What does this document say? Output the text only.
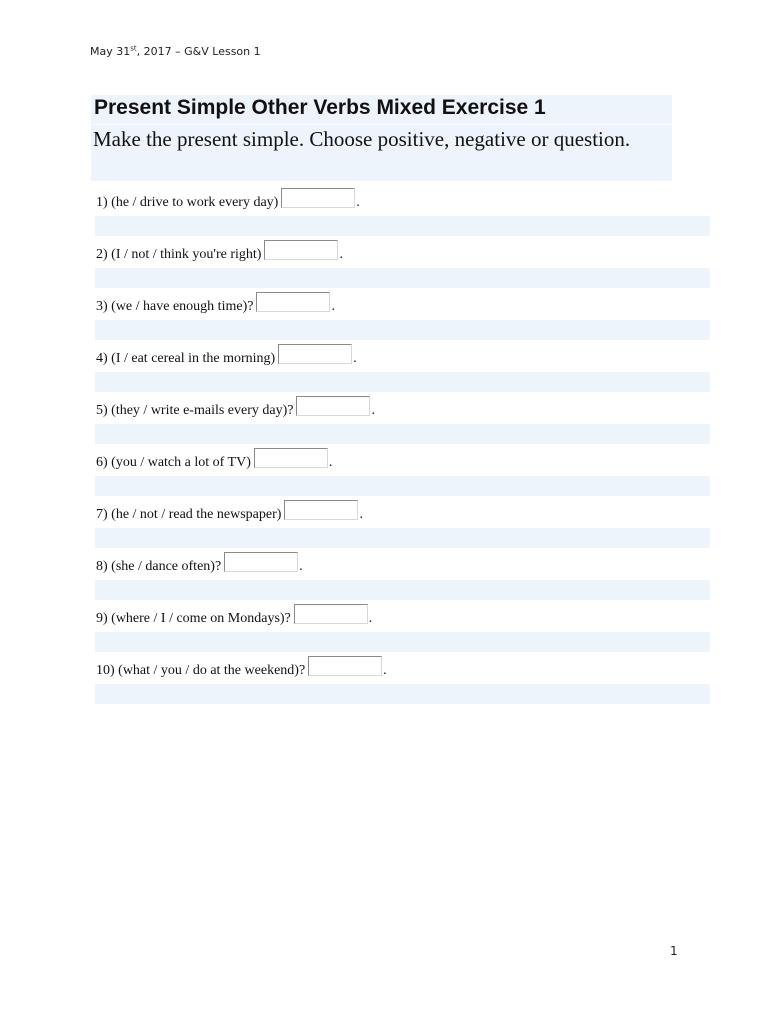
May 31st, 2017 – G&V Lesson 1
Present Simple Other Verbs Mixed Exercise 1
Make the present simple. Choose positive, negative or question.
1) (he / drive to work every day)	.
2) (I / not / think you're right)	.
3) (we / have enough time)?	.
4) (I / eat cereal in the morning)	.
5) (they / write e-mails every day)?	.
6) (you / watch a lot of TV)	.
7) (he / not / read the newspaper)	.
8) (she / dance often)?	.
9) (where / I / come on Mondays)?	.
10) (what / you / do at the weekend)?	.
1
